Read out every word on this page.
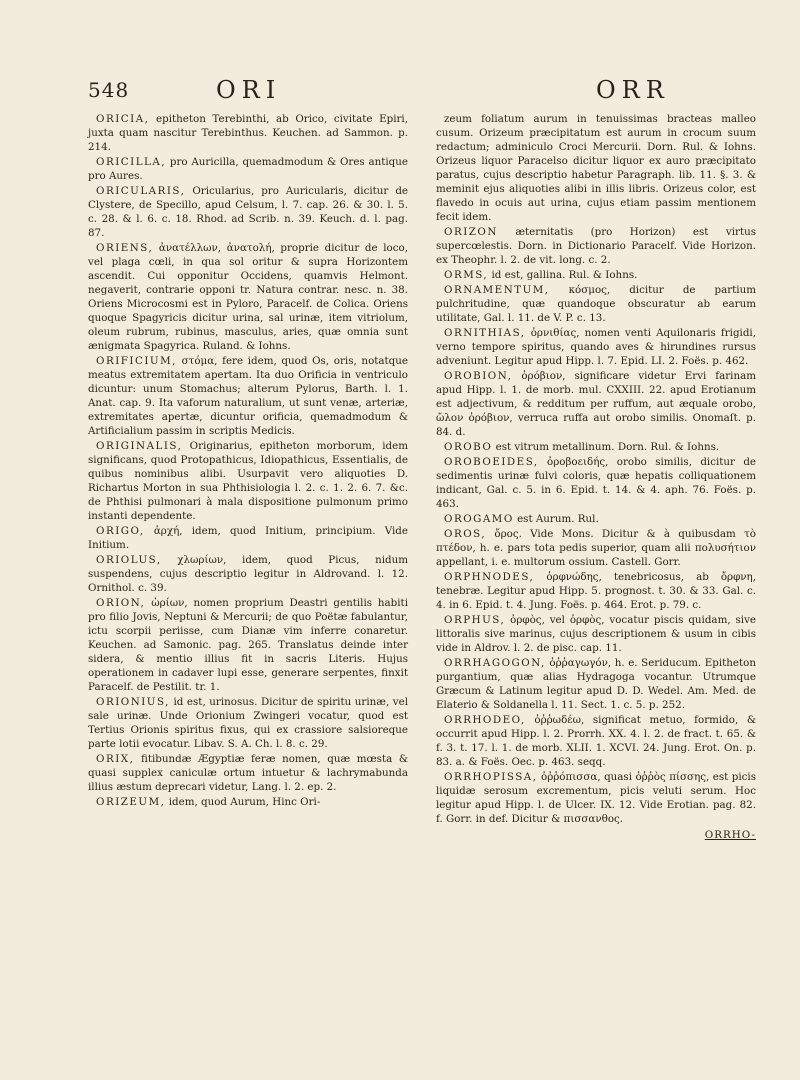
548	ORI	ORR

ORICIA, epitheton Terebinthi, ab Orico, civitate Epiri, juxta quam nascitur Terebinthus. Keuchen. ad Sammon. p. 214.

ORICILLA, pro Auricilla, quemadmodum & Ores antique pro Aures.

ORICULARIS, Oricularius, pro Auricularis, dicitur de Clystere, de Specillo, apud Celsum, l. 7. cap. 26. & 30. l. 5. c. 28. & l. 6. c. 18. Rhod. ad Scrib. n. 39. Keuch. d. l. pag. 87.

ORIENS, ἀνατέλλων, ἀνατολή, proprie dicitur de loco, vel plaga cœli, in qua sol oritur & supra Horizontem ascendit. Cui opponitur Occidens, quamvis Helmont. negaverit, contrarie opponi tr. Natura contrar. nesc. n. 38. Oriens Microcosmi est in Pyloro, Paracelf. de Colica. Oriens quoque Spagyricis dicitur urina, sal urinæ, item vitriolum, oleum rubrum, rubinus, masculus, aries, quæ omnia sunt ænigmata Spagyrica. Ruland. & Iohns.

ORIFICIUM, στόμα, fere idem, quod Os, oris, notatque meatus extremitatem apertam. Ita duo Orificia in ventriculo dicuntur: unum Stomachus; alterum Pylorus, Barth. l. 1. Anat. cap. 9. Ita vaforum naturalium, ut sunt venæ, arteriæ, extremitates apertæ, dicuntur orificia, quemadmodum & Artificialium passim in scriptis Medicis.

ORIGINALIS, Originarius, epitheton morborum, idem significans, quod Protopathicus, Idiopathicus, Essentialis, de quibus nominibus alibi. Usurpavit vero aliquoties D. Richartus Morton in sua Phthisiologia l. 2. c. 1. 2. 6. 7. &c. de Phthisi pulmonari à mala dispositione pulmonum primo instanti dependente.

ORIGO, ἀρχή, idem, quod Initium, principium. Vide Initium.

ORIOLUS, χλωρίων, idem, quod Picus, nidum suspendens, cujus descriptio legitur in Aldrovand. l. 12. Ornithol. c. 39.

ORION, ὠρίων, nomen proprium Deastri gentilis habiti pro filio Jovis, Neptuni & Mercurii; de quo Poëtæ fabulantur, ictu scorpii periisse, cum Dianæ vim inferre conaretur. Keuchen. ad Samonic. pag. 265. Translatus deinde inter sidera, & mentio illius fit in sacris Literis. Hujus operationem in cadaver lupi esse, generare serpentes, finxit Paracelf. de Pestilit. tr. 1.

ORIONIUS, id est, urinosus. Dicitur de spiritu urinæ, vel sale urinæ. Unde Orionium Zwingeri vocatur, quod est Tertius Orionis spiritus fixus, qui ex crassiore salsioreque parte lotii evocatur. Libav. S. A. Ch. l. 8. c. 29.

ORIX, fitibundæ Ægyptiæ feræ nomen, quæ mœsta & quasi supplex caniculæ ortum intuetur & lachrymabunda illius æstum deprecari videtur, Lang. l. 2. ep. 2.

ORIZEUM, idem, quod Aurum, Hinc Ori-

zeum foliatum aurum in tenuissimas bracteas malleo cusum. Orizeum præcipitatum est aurum in crocum suum redactum; adminiculo Croci Mercurii. Dorn. Rul. & Iohns. Orizeus liquor Paracelso dicitur liquor ex auro præcipitato paratus, cujus descriptio habetur Paragraph. lib. 11. §. 3. & meminit ejus aliquoties alibi in illis libris. Orizeus color, est flavedo in ocuis aut urina, cujus etiam passim mentionem fecit idem.

ORIZON æternitatis (pro Horizon) est virtus supercœlestis. Dorn. in Dictionario Paracelf. Vide Horizon. ex Theophr. l. 2. de vit. long. c. 2.

ORMS, id est, gallina. Rul. & Iohns.

ORNAMENTUM, κόσμος, dicitur de partium pulchritudine, quæ quandoque obscuratur ab earum utilitate, Gal. l. 11. de V. P. c. 13.

ORNITHIAS, ὀρνιθίας, nomen venti Aquilonaris frigidi, verno tempore spiritus, quando aves & hirundines rursus adveniunt. Legitur apud Hipp. l. 7. Epid. LI. 2. Foës. p. 462.

OROBION, ὀρόβιον, significare videtur Ervi farinam apud Hipp. l. 1. de morb. mul. CXXIII. 22. apud Erotianum est adjectivum, & redditum per ruffum, aut æquale orobo, ὤλον ὀρόβιον, verruca ruffa aut orobo similis. Onomaſt. p. 84. d.

OROBO est vitrum metallinum. Dorn. Rul. & Iohns.

OROBOEIDES, ὀροβοειδής, orobo similis, dicitur de sedimentis urinæ fulvi coloris, quæ hepatis colliquationem indicant, Gal. c. 5. in 6. Epid. t. 14. & 4. aph. 76. Foës. p. 463.

OROGAMO est Aurum. Rul.

OROS, ὄρος. Vide Mons. Dicitur & à quibusdam τὸ πτέδον, h. e. pars tota pedis superior, quam alii πολυσήτιον appellant, i. e. multorum ossium. Castell. Gorr.

ORPHNODES, ὀρφνώδης, tenebricosus, ab ὄρφνη, tenebræ. Legitur apud Hipp. 5. prognost. t. 30. & 33. Gal. c. 4. in 6. Epid. t. 4. Jung. Foës. p. 464. Erot. p. 79. c.

ORPHUS, ὀρφὸς, vel ὀρφὸς, vocatur piscis quidam, sive littoralis sive marinus, cujus descriptionem & usum in cibis vide in Aldrov. l. 2. de pisc. cap. 11.

ORRHAGOGON, ὀῤῥαγωγόν, h. e. Seriducum. Epitheton purgantium, quæ alias Hydragoga vocantur. Utrumque Græcum & Latinum legitur apud D. D. Wedel. Am. Med. de Elaterio & Soldanella l. 11. Sect. 1. c. 5. p. 252.

ORRHODEO, ὀῤῥωδέω, significat metuo, formido, & occurrit apud Hipp. l. 2. Prorrh. XX. 4. l. 2. de fract. t. 65. & f. 3. t. 17. l. 1. de morb. XLII. 1. XCVI. 24. Jung. Erot. On. p. 83. a. & Foës. Oec. p. 463. seqq.

ORRHOPISSA, ὀῤῥόπισσα, quasi ὀῤῥὸς πίσσης, est picis liquidæ serosum excrementum, picis veluti serum. Hoc legitur apud Hipp. l. de Ulcer. IX. 12. Vide Erotian. pag. 82. f. Gorr. in def. Dicitur & πισσανθος.

ORRHO-
